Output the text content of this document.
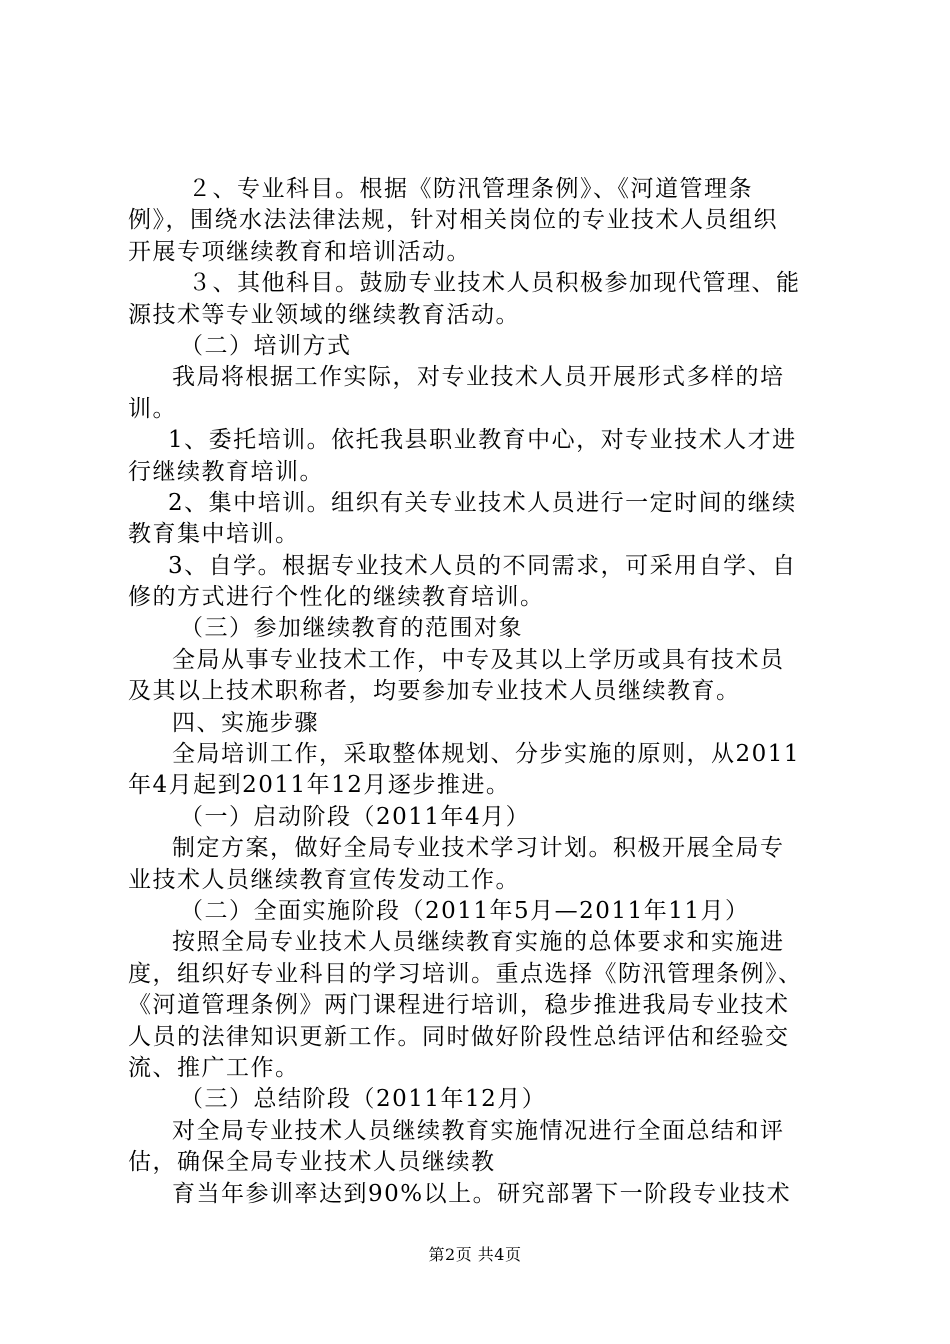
２、专业科目。根据《防汛管理条例》、《河道管理条
例》，围绕水法法律法规，针对相关岗位的专业技术人员组织
开展专项继续教育和培训活动。
３、其他科目。鼓励专业技术人员积极参加现代管理、能
源技术等专业领域的继续教育活动。
（二）培训方式
我局将根据工作实际，对专业技术人员开展形式多样的培
训。
1、委托培训。依托我县职业教育中心，对专业技术人才进
行继续教育培训。
2、集中培训。组织有关专业技术人员进行一定时间的继续
教育集中培训。
3、自学。根据专业技术人员的不同需求，可采用自学、自
修的方式进行个性化的继续教育培训。
（三）参加继续教育的范围对象
全局从事专业技术工作，中专及其以上学历或具有技术员
及其以上技术职称者，均要参加专业技术人员继续教育。
四、实施步骤
全局培训工作，采取整体规划、分步实施的原则，从2011
年4月起到2011年12月逐步推进。
（一）启动阶段（2011年4月）
制定方案，做好全局专业技术学习计划。积极开展全局专
业技术人员继续教育宣传发动工作。
（二）全面实施阶段（2011年5月—2011年11月）
按照全局专业技术人员继续教育实施的总体要求和实施进
度，组织好专业科目的学习培训。重点选择《防汛管理条例》、
《河道管理条例》两门课程进行培训，稳步推进我局专业技术
人员的法律知识更新工作。同时做好阶段性总结评估和经验交
流、推广工作。
（三）总结阶段（2011年12月）
对全局专业技术人员继续教育实施情况进行全面总结和评
估，确保全局专业技术人员继续教
育当年参训率达到90%以上。研究部署下一阶段专业技术
第2页 共4页
